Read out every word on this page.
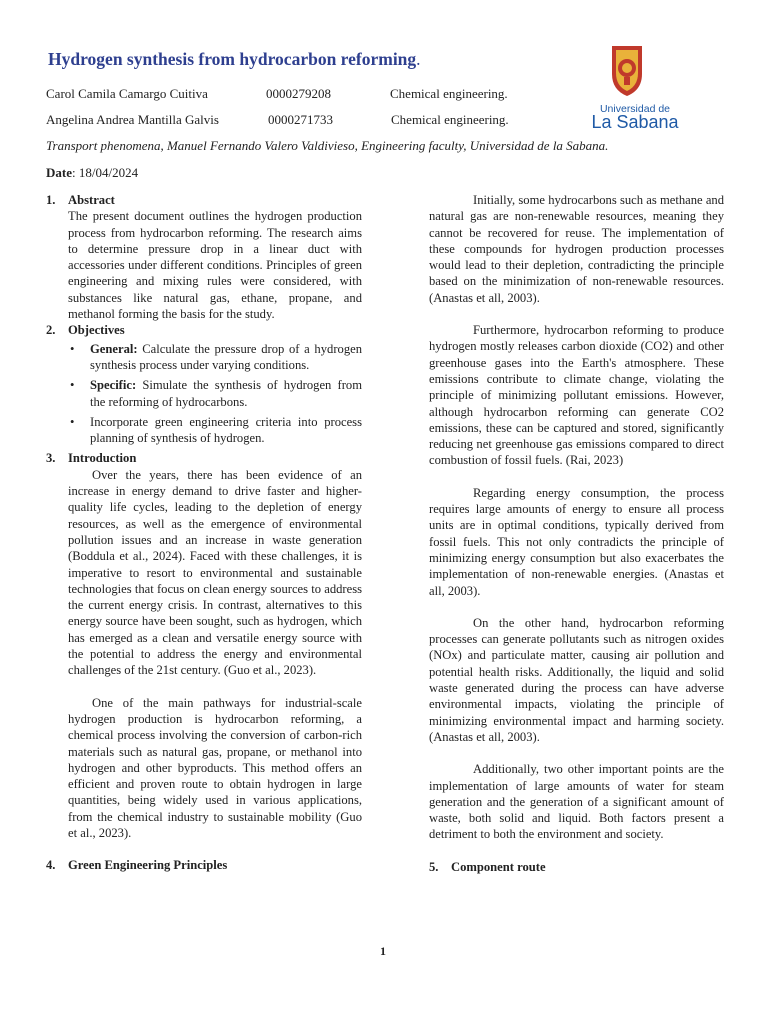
Hydrogen synthesis from hydrocarbon reforming.
Carol Camila Camargo Cuitiva	0000279208	Chemical engineering.
Angelina Andrea Mantilla Galvis	0000271733	Chemical engineering.
Universidad de
La Sabana
Transport phenomena, Manuel Fernando Valero Valdivieso, Engineering faculty, Universidad de la Sabana.
Date: 18/04/2024
1. Abstract

The present document outlines the hydrogen production process from hydrocarbon reforming. The research aims to determine pressure drop in a linear duct with accessories under different conditions. Principles of green engineering and mixing rules were considered, with substances like natural gas, ethane, propane, and methanol forming the basis for the study.

2. Objectives
• General: Calculate the pressure drop of a hydrogen synthesis process under varying conditions.
• Specific: Simulate the synthesis of hydrogen from the reforming of hydrocarbons.
• Incorporate green engineering criteria into process planning of synthesis of hydrogen.
3. Introduction

Over the years, there has been evidence of an increase in energy demand to drive faster and higher-quality life cycles, leading to the depletion of energy resources, as well as the emergence of environmental pollution issues and an increase in waste generation (Boddula et al., 2024). Faced with these challenges, it is imperative to resort to environmental and sustainable technologies that focus on clean energy sources to address the current energy crisis. In contrast, alternatives to this energy source have been sought, such as hydrogen, which has emerged as a clean and versatile energy source with the potential to address the energy and environmental challenges of the 21st century. (Guo et al., 2023).

One of the main pathways for industrial-scale hydrogen production is hydrocarbon reforming, a chemical process involving the conversion of carbon-rich materials such as natural gas, propane, or methanol into hydrogen and other byproducts. This method offers an efficient and proven route to obtain hydrogen in large quantities, being widely used in various applications, from the chemical industry to sustainable mobility (Guo et al., 2023).

4. Green Engineering Principles

Initially, some hydrocarbons such as methane and natural gas are non-renewable resources, meaning they cannot be recovered for reuse. The implementation of these compounds for hydrogen production processes would lead to their depletion, contradicting the principle based on the minimization of non-renewable resources. (Anastas et all, 2003).

Furthermore, hydrocarbon reforming to produce hydrogen mostly releases carbon dioxide (CO2) and other greenhouse gases into the Earth's atmosphere. These emissions contribute to climate change, violating the principle of minimizing pollutant emissions. However, although hydrocarbon reforming can generate CO2 emissions, these can be captured and stored, significantly reducing net greenhouse gas emissions compared to direct combustion of fossil fuels. (Rai, 2023)

Regarding energy consumption, the process requires large amounts of energy to ensure all process units are in optimal conditions, typically derived from fossil fuels. This not only contradicts the principle of minimizing energy consumption but also exacerbates the implementation of non-renewable energies. (Anastas et all, 2003).

On the other hand, hydrocarbon reforming processes can generate pollutants such as nitrogen oxides (NOx) and particulate matter, causing air pollution and potential health risks. Additionally, the liquid and solid waste generated during the process can have adverse environmental impacts, violating the principle of minimizing environmental impact and harming society. (Anastas et all, 2003).

Additionally, two other important points are the implementation of large amounts of water for steam generation and the generation of a significant amount of waste, both solid and liquid. Both factors present a detriment to both the environment and society.

5. Component route
1
